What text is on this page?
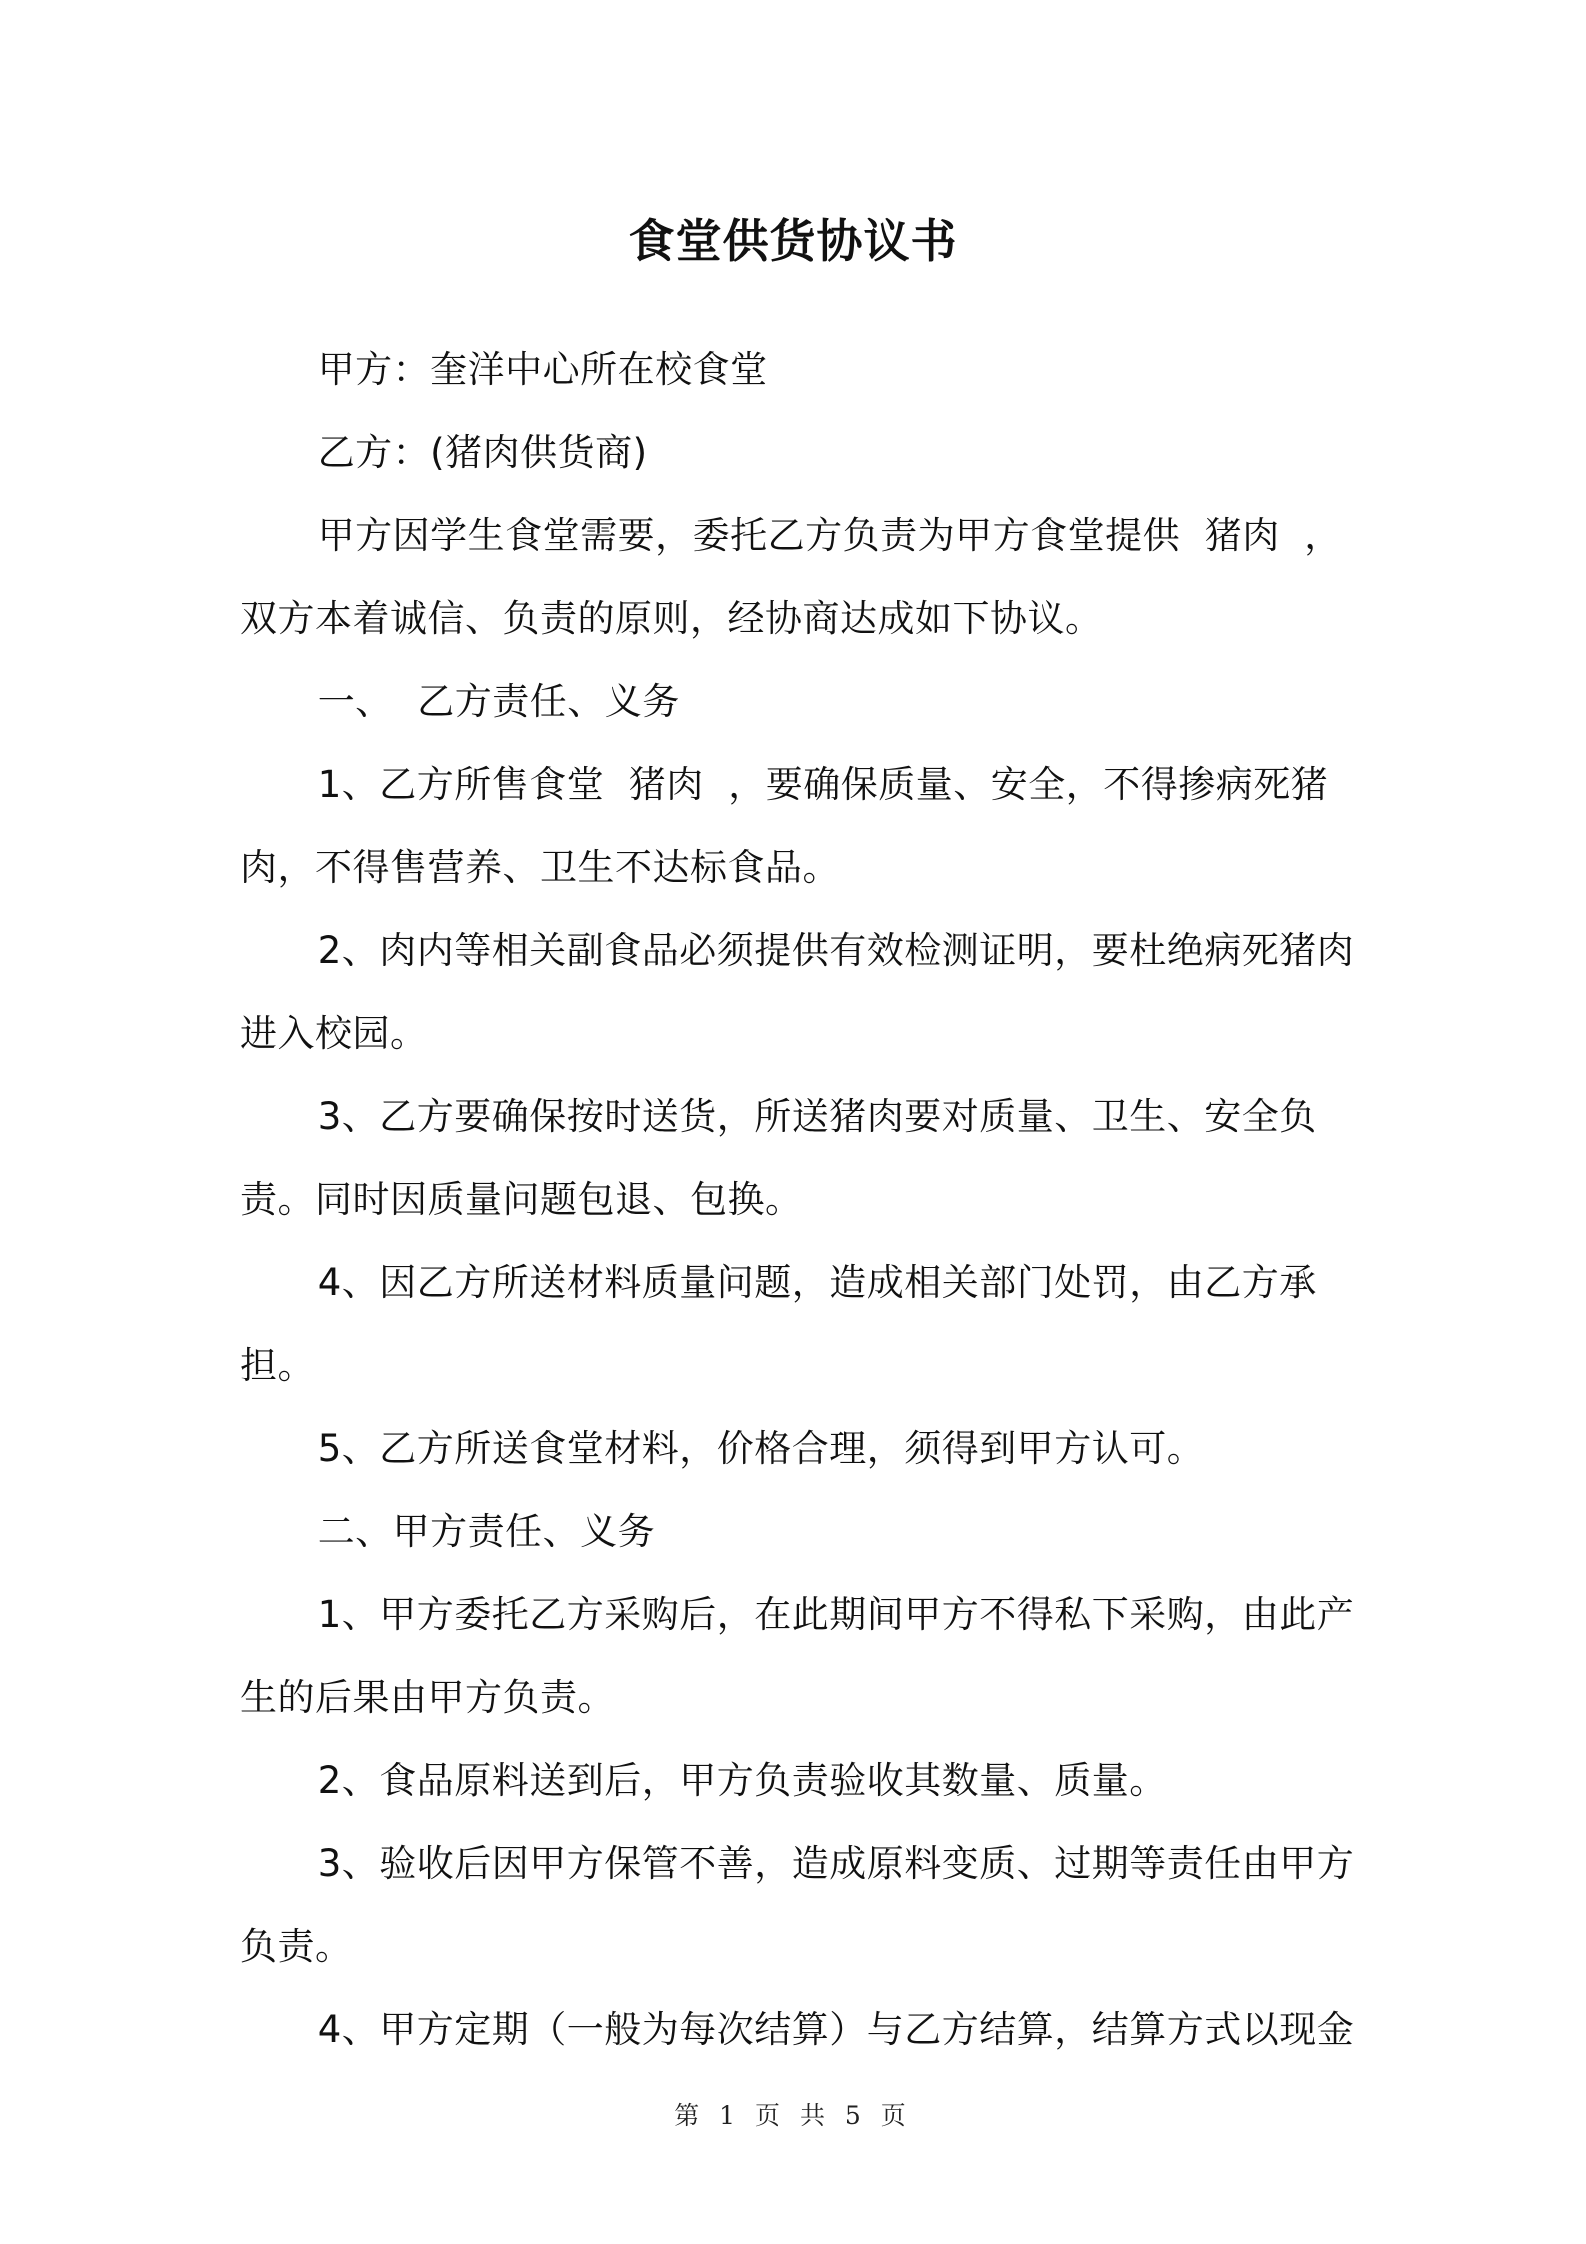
食堂供货协议书

甲方：奎洋中心所在校食堂

乙方：(猪肉供货商)

甲方因学生食堂需要，委托乙方负责为甲方食堂提供  猪肉  ，双方本着诚信、负责的原则，经协商达成如下协议。

一、  乙方责任、义务

1、乙方所售食堂  猪肉  ，要确保质量、安全，不得掺病死猪肉，不得售营养、卫生不达标食品。

2、肉内等相关副食品必须提供有效检测证明，要杜绝病死猪肉进入校园。

3、乙方要确保按时送货，所送猪肉要对质量、卫生、安全负责。同时因质量问题包退、包换。

4、因乙方所送材料质量问题，造成相关部门处罚，由乙方承担。

5、乙方所送食堂材料，价格合理，须得到甲方认可。

二、甲方责任、义务

1、甲方委托乙方采购后，在此期间甲方不得私下采购，由此产生的后果由甲方负责。

2、食品原料送到后，甲方负责验收其数量、质量。

3、验收后因甲方保管不善，造成原料变质、过期等责任由甲方负责。

4、甲方定期（一般为每次结算）与乙方结算，结算方式以现金

第 1 页 共 5 页
